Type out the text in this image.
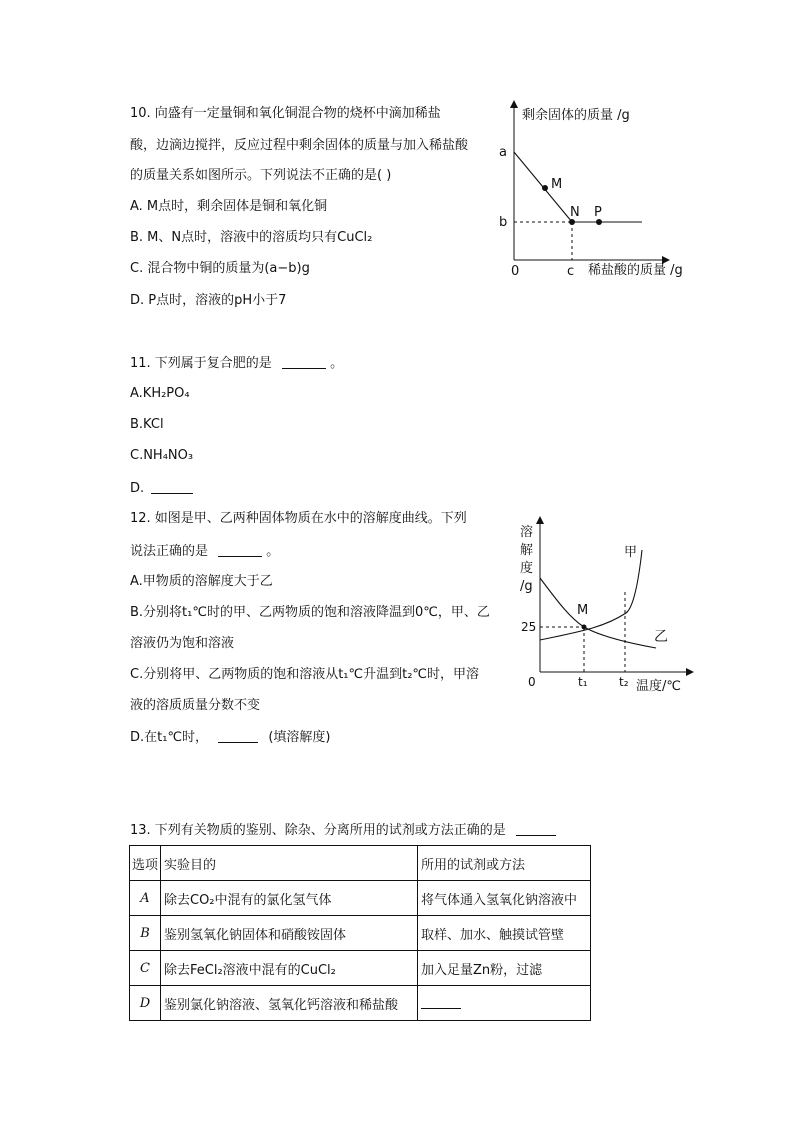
10. 向盛有一定量铜和氧化铜混合物的烧杯中滴加稀盐
酸，边滴边搅拌，反应过程中剩余固体的质量与加入稀盐酸
的质量关系如图所示。下列说法不正确的是( )
A. M点时，剩余固体是铜和氧化铜
B. M、N点时，溶液中的溶质均只有CuCl₂
C. 混合物中铜的质量为(a−b)g
D. P点时，溶液的pH小于7
剩余固体的质量 /g
a
b
M
N P
0	c 稀盐酸的质量 /g
11. 下列属于复合肥的是	。
A.KH₂PO₄
B.KCl
C.NH₄NO₃
D.
12. 如图是甲、乙两种固体物质在水中的溶解度曲线。下列
说法正确的是	。
A.甲物质的溶解度大于乙
B.分别将t₁℃时的甲、乙两物质的饱和溶液降温到0℃，甲、乙
溶液仍为饱和溶液
C.分别将甲、乙两物质的饱和溶液从t₁℃升温到t₂℃时，甲溶
液的溶质质量分数不变
D.在t₁℃时，	(填溶解度)
溶
解
度
/g
25
M
甲
乙
0	t₁	t₂ 温度/℃
13. 下列有关物质的鉴别、除杂、分离所用的试剂或方法正确的是
选项	实验目的	所用的试剂或方法
A	除去CO₂中混有的氯化氢气体	将气体通入氢氧化钠溶液中
B	鉴别氢氧化钠固体和硝酸铵固体	取样、加水、触摸试管壁
C	除去FeCl₂溶液中混有的CuCl₂	加入足量Zn粉，过滤
D	鉴别氯化钠溶液、氢氧化钙溶液和稀盐酸	
